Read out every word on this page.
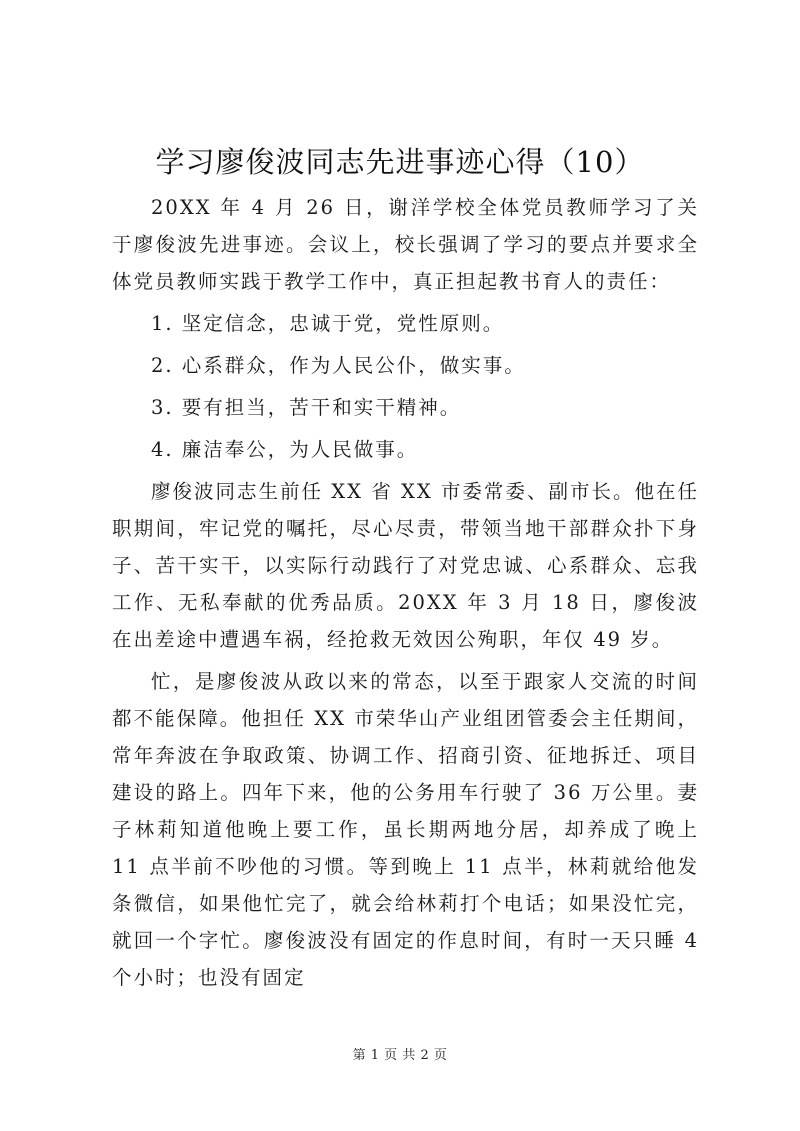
学习廖俊波同志先进事迹心得（10）

20XX 年 4 月 26 日，谢洋学校全体党员教师学习了关于廖俊波先进事迹。会议上，校长强调了学习的要点并要求全体党员教师实践于教学工作中，真正担起教书育人的责任：

1. 坚定信念，忠诚于党，党性原则。

2. 心系群众，作为人民公仆，做实事。

3. 要有担当，苦干和实干精神。

4. 廉洁奉公，为人民做事。

廖俊波同志生前任 XX 省 XX 市委常委、副市长。他在任职期间，牢记党的嘱托，尽心尽责，带领当地干部群众扑下身子、苦干实干，以实际行动践行了对党忠诚、心系群众、忘我工作、无私奉献的优秀品质。20XX 年 3 月 18 日，廖俊波在出差途中遭遇车祸，经抢救无效因公殉职，年仅 49 岁。

忙，是廖俊波从政以来的常态，以至于跟家人交流的时间都不能保障。他担任 XX 市荣华山产业组团管委会主任期间，常年奔波在争取政策、协调工作、招商引资、征地拆迁、项目建设的路上。四年下来，他的公务用车行驶了 36 万公里。妻子林莉知道他晚上要工作，虽长期两地分居，却养成了晚上 11 点半前不吵他的习惯。等到晚上 11 点半，林莉就给他发条微信，如果他忙完了，就会给林莉打个电话；如果没忙完，就回一个字忙。廖俊波没有固定的作息时间，有时一天只睡 4 个小时；也没有固定

第 1 页 共 2 页
